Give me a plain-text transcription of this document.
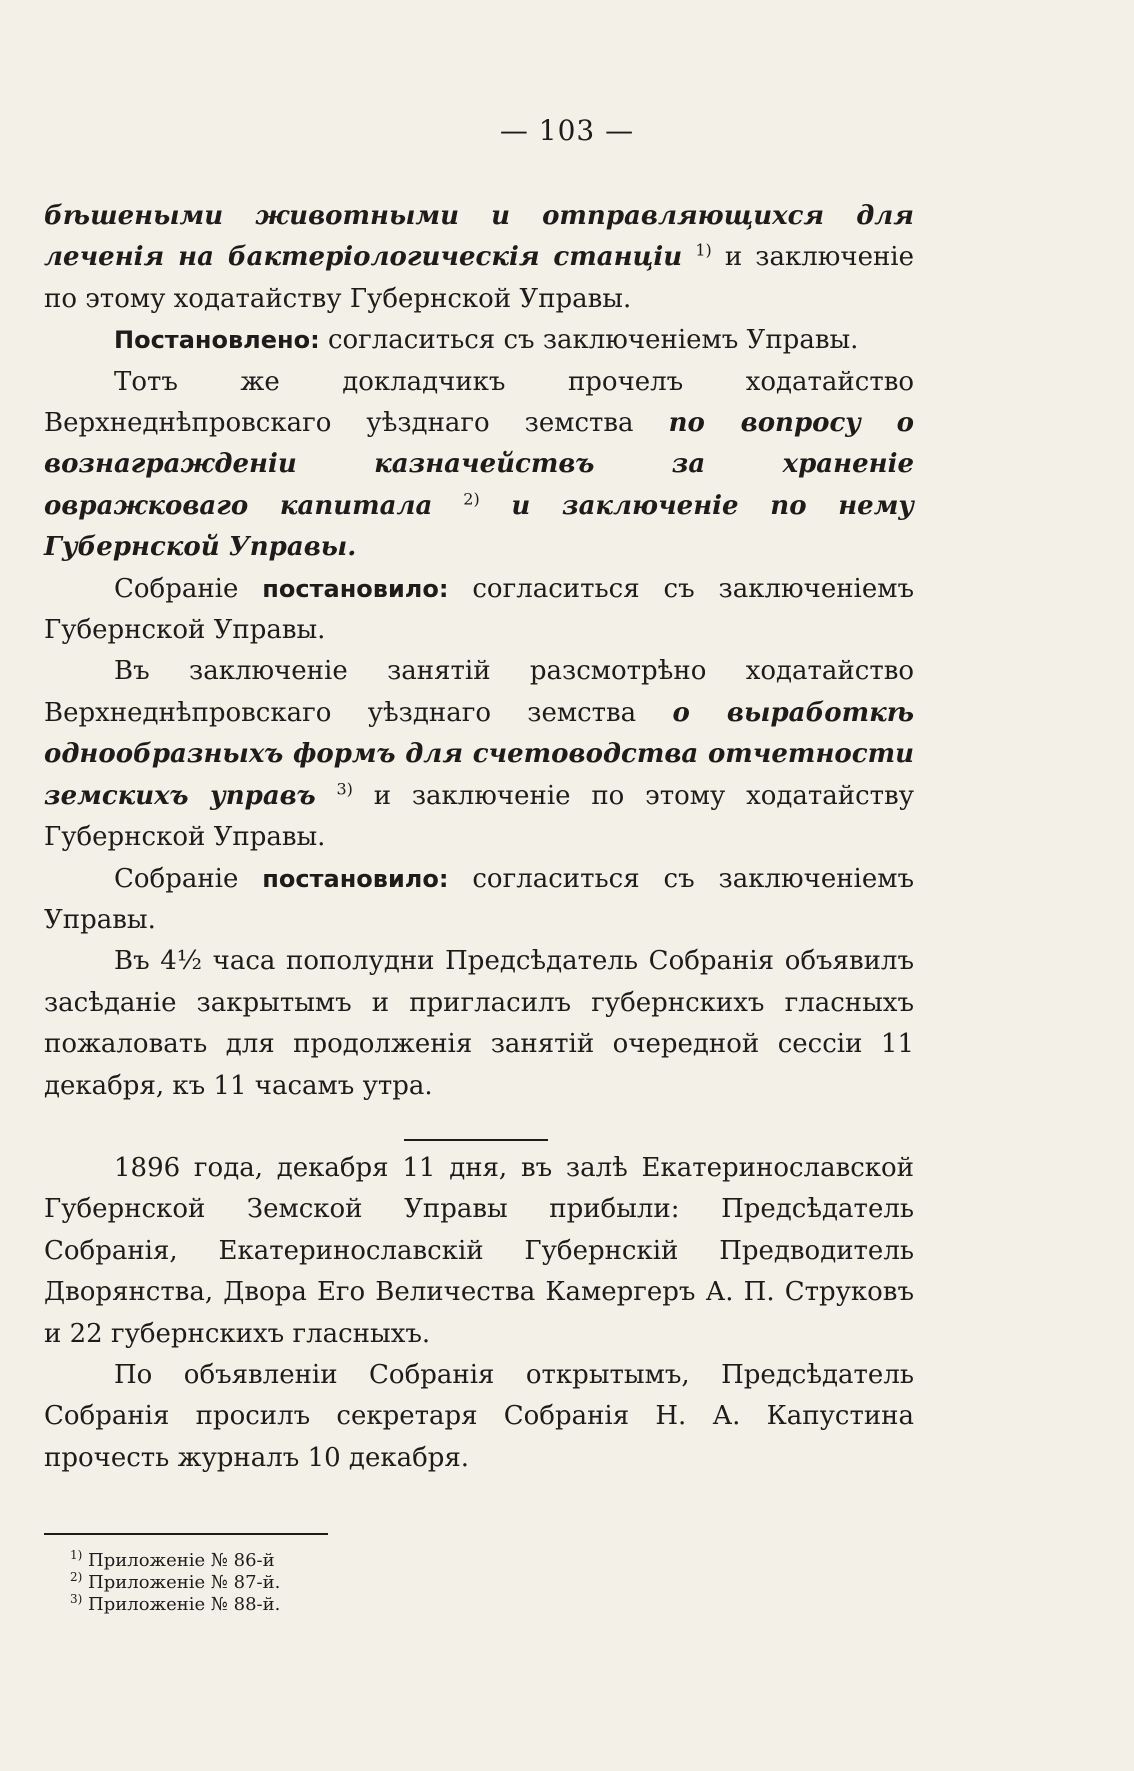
— 103 —

бѣшеными животными и отправляющихся для леченія на бактеріологическія станціи $^{1)}$ и заключеніе по этому ходатайству Губернской Управы.

Постановлено: согласиться съ заключеніемъ Управы.

Тотъ же докладчикъ прочелъ ходатайство Верхнеднѣпровскаго уѣзднаго земства по вопросу о вознагражденіи казначействъ за храненіе овражковаго капитала $^{2)}$ и заключеніе по нему Губернской Управы.

Собраніе постановило: согласиться съ заключеніемъ Губернской Управы.

Въ заключеніе занятій разсмотрѣно ходатайство Верхнеднѣпровскаго уѣзднаго земства о выработкѣ однообразныхъ формъ для счетоводства отчетности земскихъ управъ $^{3)}$ и заключеніе по этому ходатайству Губернской Управы.

Собраніе постановило: согласиться съ заключеніемъ Управы.

Въ 4½ часа пополудни Предсѣдатель Собранія объявилъ засѣданіе закрытымъ и пригласилъ губернскихъ гласныхъ пожаловать для продолженія занятій очередной сессіи 11 декабря, къ 11 часамъ утра.

1896 года, декабря 11 дня, въ залѣ Екатеринославской Губернской Земской Управы прибыли: Предсѣдатель Собранія, Екатеринославскій Губернскій Предводитель Дворянства, Двора Его Величества Камергеръ А. П. Струковъ и 22 губернскихъ гласныхъ.

По объявленіи Собранія открытымъ, Предсѣдатель Собранія просилъ секретаря Собранія Н. А. Капустина прочесть журналъ 10 декабря.

$^{1)}$ Приложеніе № 86-й
$^{2)}$ Приложеніе № 87-й.
$^{3)}$ Приложеніе № 88-й.
